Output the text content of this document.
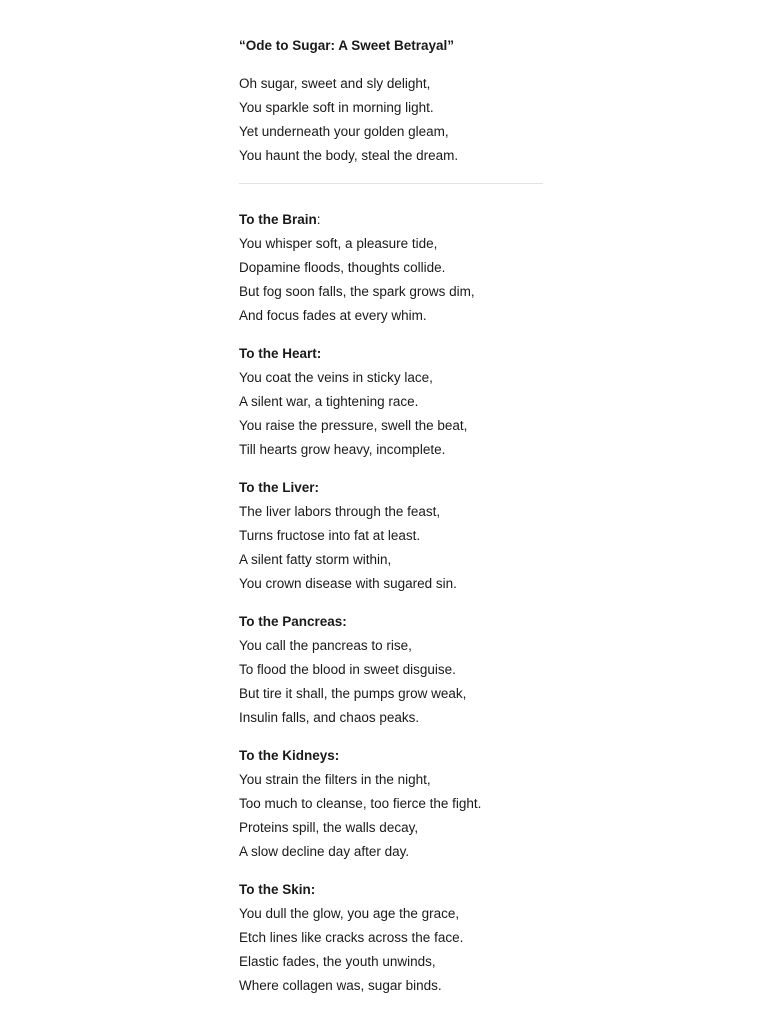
“Ode to Sugar: A Sweet Betrayal”
Oh sugar, sweet and sly delight,
You sparkle soft in morning light.
Yet underneath your golden gleam,
You haunt the body, steal the dream.
To the Brain:
You whisper soft, a pleasure tide,
Dopamine floods, thoughts collide.
But fog soon falls, the spark grows dim,
And focus fades at every whim.
To the Heart:
You coat the veins in sticky lace,
A silent war, a tightening race.
You raise the pressure, swell the beat,
Till hearts grow heavy, incomplete.
To the Liver:
The liver labors through the feast,
Turns fructose into fat at least.
A silent fatty storm within,
You crown disease with sugared sin.
To the Pancreas:
You call the pancreas to rise,
To flood the blood in sweet disguise.
But tire it shall, the pumps grow weak,
Insulin falls, and chaos peaks.
To the Kidneys:
You strain the filters in the night,
Too much to cleanse, too fierce the fight.
Proteins spill, the walls decay,
A slow decline day after day.
To the Skin:
You dull the glow, you age the grace,
Etch lines like cracks across the face.
Elastic fades, the youth unwinds,
Where collagen was, sugar binds.
